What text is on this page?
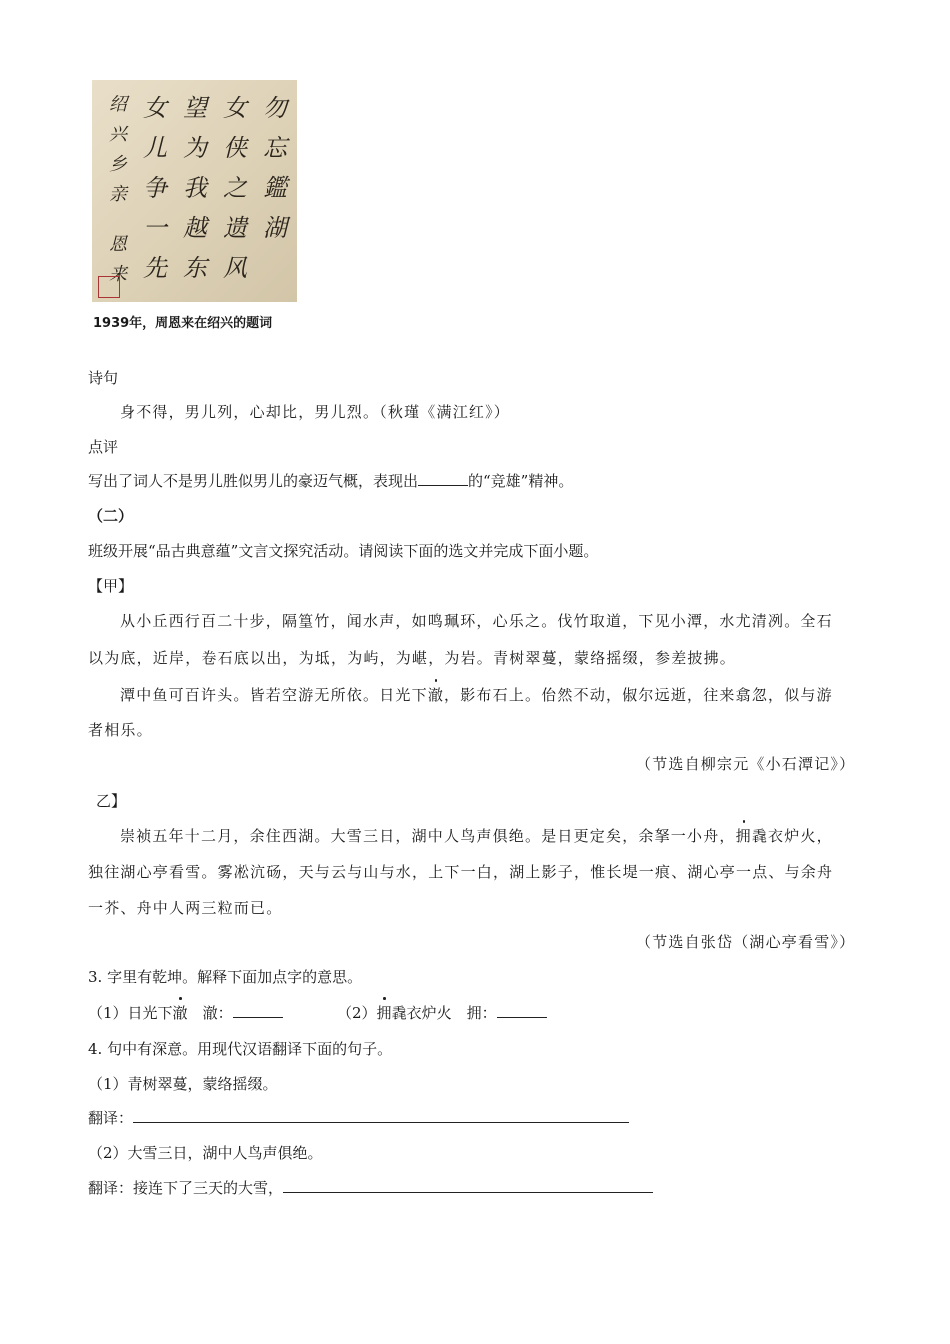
勿忘鑑湖
女侠之遗风
望为我越东
女儿争一先
绍兴乡亲
恩来
1939年，周恩来在绍兴的题词
诗句
身不得，男儿列，心却比，男儿烈。（秋瑾《满江红》）
点评
写出了词人不是男儿胜似男儿的豪迈气概，表现出	的“竞雄”精神。
（二）
班级开展“品古典意蕴”文言文探究活动。请阅读下面的选文并完成下面小题。
【甲】
从小丘西行百二十步，隔篁竹，闻水声，如鸣珮环，心乐之。伐竹取道，下见小潭，水尤清冽。全石
以为底，近岸，卷石底以出，为坻，为屿，为嵁，为岩。青树翠蔓，蒙络摇缀，参差披拂。
潭中鱼可百许头。皆若空游无所依。日光下澈，影布石上。佁然不动，俶尔远逝，往来翕忽，似与游
者相乐。
（节选自柳宗元《小石潭记》）
乙】
崇祯五年十二月，余住西湖。大雪三日，湖中人鸟声俱绝。是日更定矣，余拏一小舟，拥毳衣炉火，
独往湖心亭看雪。雾凇沆砀，天与云与山与水，上下一白，湖上影子，惟长堤一痕、湖心亭一点、与余舟
一芥、舟中人两三粒而已。
（节选自张岱（湖心亭看雪》）
3. 字里有乾坤。解释下面加点字的意思。
（1）日光下澈　澈：	（2）拥毳衣炉火　拥：
4. 句中有深意。用现代汉语翻译下面的句子。
（1）青树翠蔓，蒙络摇缀。
翻译：
（2）大雪三日，湖中人鸟声俱绝。
翻译：接连下了三天的大雪，
